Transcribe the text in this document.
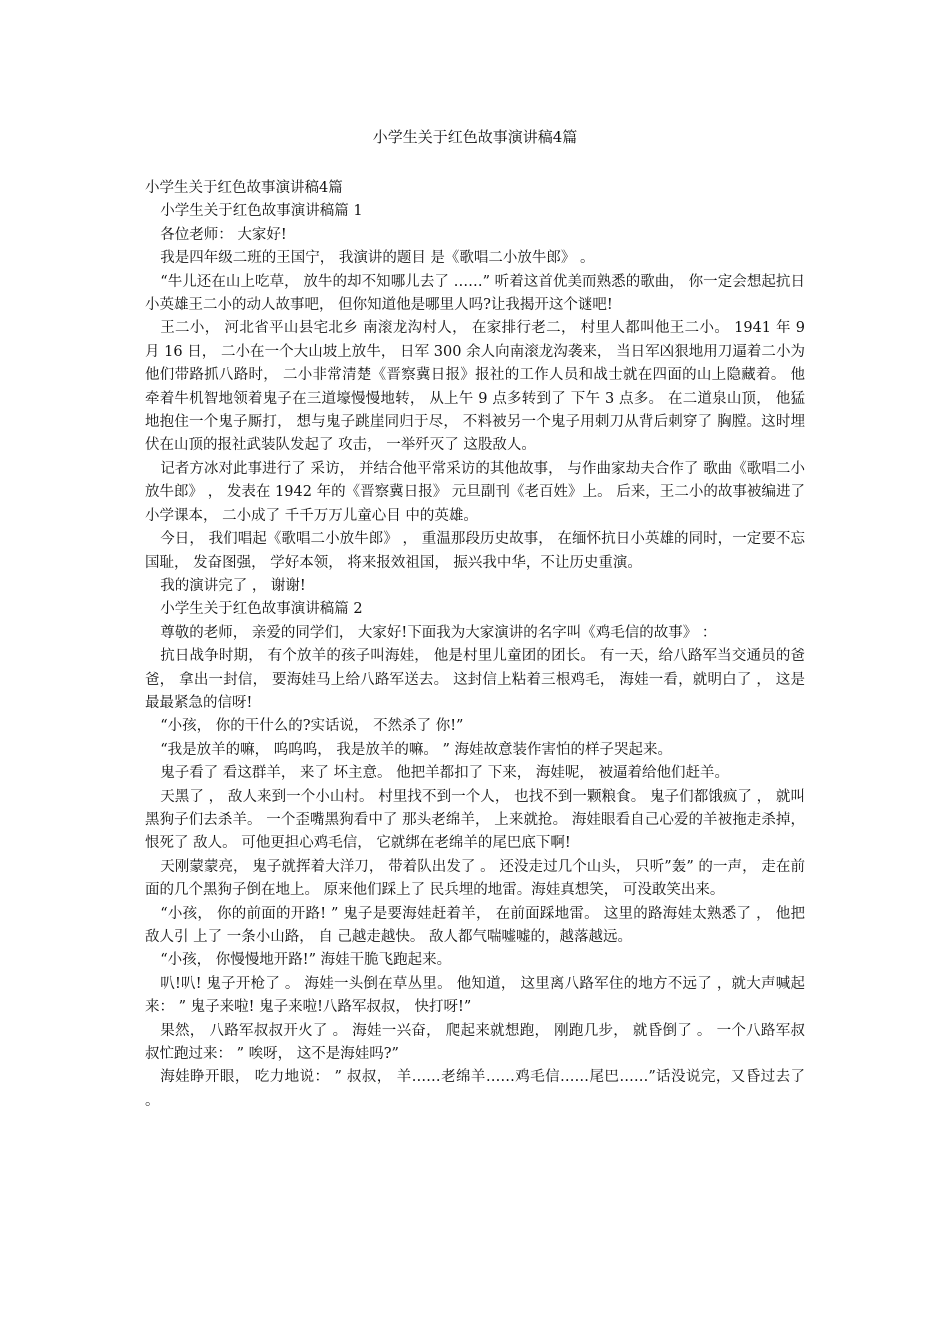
小学生关于红色故事演讲稿4篇

小学生关于红色故事演讲稿4篇

小学生关于红色故事演讲稿篇 1

各位老师： 大家好!

我是四年级二班的王国宁， 我演讲的题目 是《歌唱二小放牛郎》 。

“牛儿还在山上吃草， 放牛的却不知哪儿去了 ……” 听着这首优美而熟悉的歌曲， 你一定会想起抗日小英雄王二小的动人故事吧， 但你知道他是哪里人吗?让我揭开这个谜吧!

王二小， 河北省平山县宅北乡 南滚龙沟村人， 在家排行老二， 村里人都叫他王二小。 1941 年 9 月 16 日， 二小在一个大山坡上放牛， 日军 300 余人向南滚龙沟袭来， 当日军凶狠地用刀逼着二小为他们带路抓八路时， 二小非常清楚《晋察冀日报》报社的工作人员和战士就在四面的山上隐藏着。 他牵着牛机智地领着鬼子在三道壕慢慢地转， 从上午 9 点多转到了 下午 3 点多。 在二道泉山顶， 他猛地抱住一个鬼子厮打， 想与鬼子跳崖同归于尽， 不料被另一个鬼子用刺刀从背后刺穿了 胸膛。这时埋伏在山顶的报社武装队发起了 攻击， 一举歼灭了 这股敌人。

记者方冰对此事进行了 采访， 并结合他平常采访的其他故事， 与作曲家劫夫合作了 歌曲《歌唱二小放牛郎》 ， 发表在 1942 年的《晋察冀日报》 元旦副刊《老百姓》上。 后来，王二小的故事被编进了 小学课本， 二小成了 千千万万儿童心目 中的英雄。

今日， 我们唱起《歌唱二小放牛郎》 ， 重温那段历史故事， 在缅怀抗日小英雄的同时，一定要不忘国耻， 发奋图强， 学好本领， 将来报效祖国， 振兴我中华，不让历史重演。

我的演讲完了 ， 谢谢!

小学生关于红色故事演讲稿篇 2

尊敬的老师， 亲爱的同学们， 大家好!下面我为大家演讲的名字叫《鸡毛信的故事》 ：

抗日战争时期， 有个放羊的孩子叫海娃， 他是村里儿童团的团长。 有一天，给八路军当交通员的爸爸， 拿出一封信， 要海娃马上给八路军送去。 这封信上粘着三根鸡毛， 海娃一看，就明白了 ， 这是最最紧急的信呀!

“小孩， 你的干什么的?实话说， 不然杀了 你!”

“我是放羊的嘛， 呜呜呜， 我是放羊的嘛。 ” 海娃故意装作害怕的样子哭起来。

鬼子看了 看这群羊， 来了 坏主意。 他把羊都扣了 下来， 海娃呢， 被逼着给他们赶羊。

天黑了 ， 敌人来到一个小山村。 村里找不到一个人， 也找不到一颗粮食。 鬼子们都饿疯了 ， 就叫黑狗子们去杀羊。 一个歪嘴黑狗看中了 那头老绵羊， 上来就抢。 海娃眼看自己心爱的羊被拖走杀掉， 恨死了 敌人。 可他更担心鸡毛信， 它就绑在老绵羊的尾巴底下啊!

天刚蒙蒙亮， 鬼子就挥着大洋刀， 带着队出发了 。 还没走过几个山头， 只听”轰” 的一声， 走在前面的几个黑狗子倒在地上。 原来他们踩上了 民兵埋的地雷。海娃真想笑， 可没敢笑出来。

“小孩， 你的前面的开路! ” 鬼子是要海娃赶着羊， 在前面踩地雷。 这里的路海娃太熟悉了 ， 他把敌人引 上了 一条小山路， 自 己越走越快。 敌人都气喘嘘嘘的，越落越远。

“小孩， 你慢慢地开路!” 海娃干脆飞跑起来。

叭!叭! 鬼子开枪了 。 海娃一头倒在草丛里。 他知道， 这里离八路军住的地方不远了 ，就大声喊起来： ” 鬼子来啦! 鬼子来啦!八路军叔叔， 快打呀!”

果然， 八路军叔叔开火了 。 海娃一兴奋， 爬起来就想跑， 刚跑几步， 就昏倒了 。 一个八路军叔叔忙跑过来： ” 唉呀， 这不是海娃吗?”

海娃睁开眼， 吃力地说： ” 叔叔， 羊……老绵羊……鸡毛信……尾巴……”话没说完，又昏过去了 。
